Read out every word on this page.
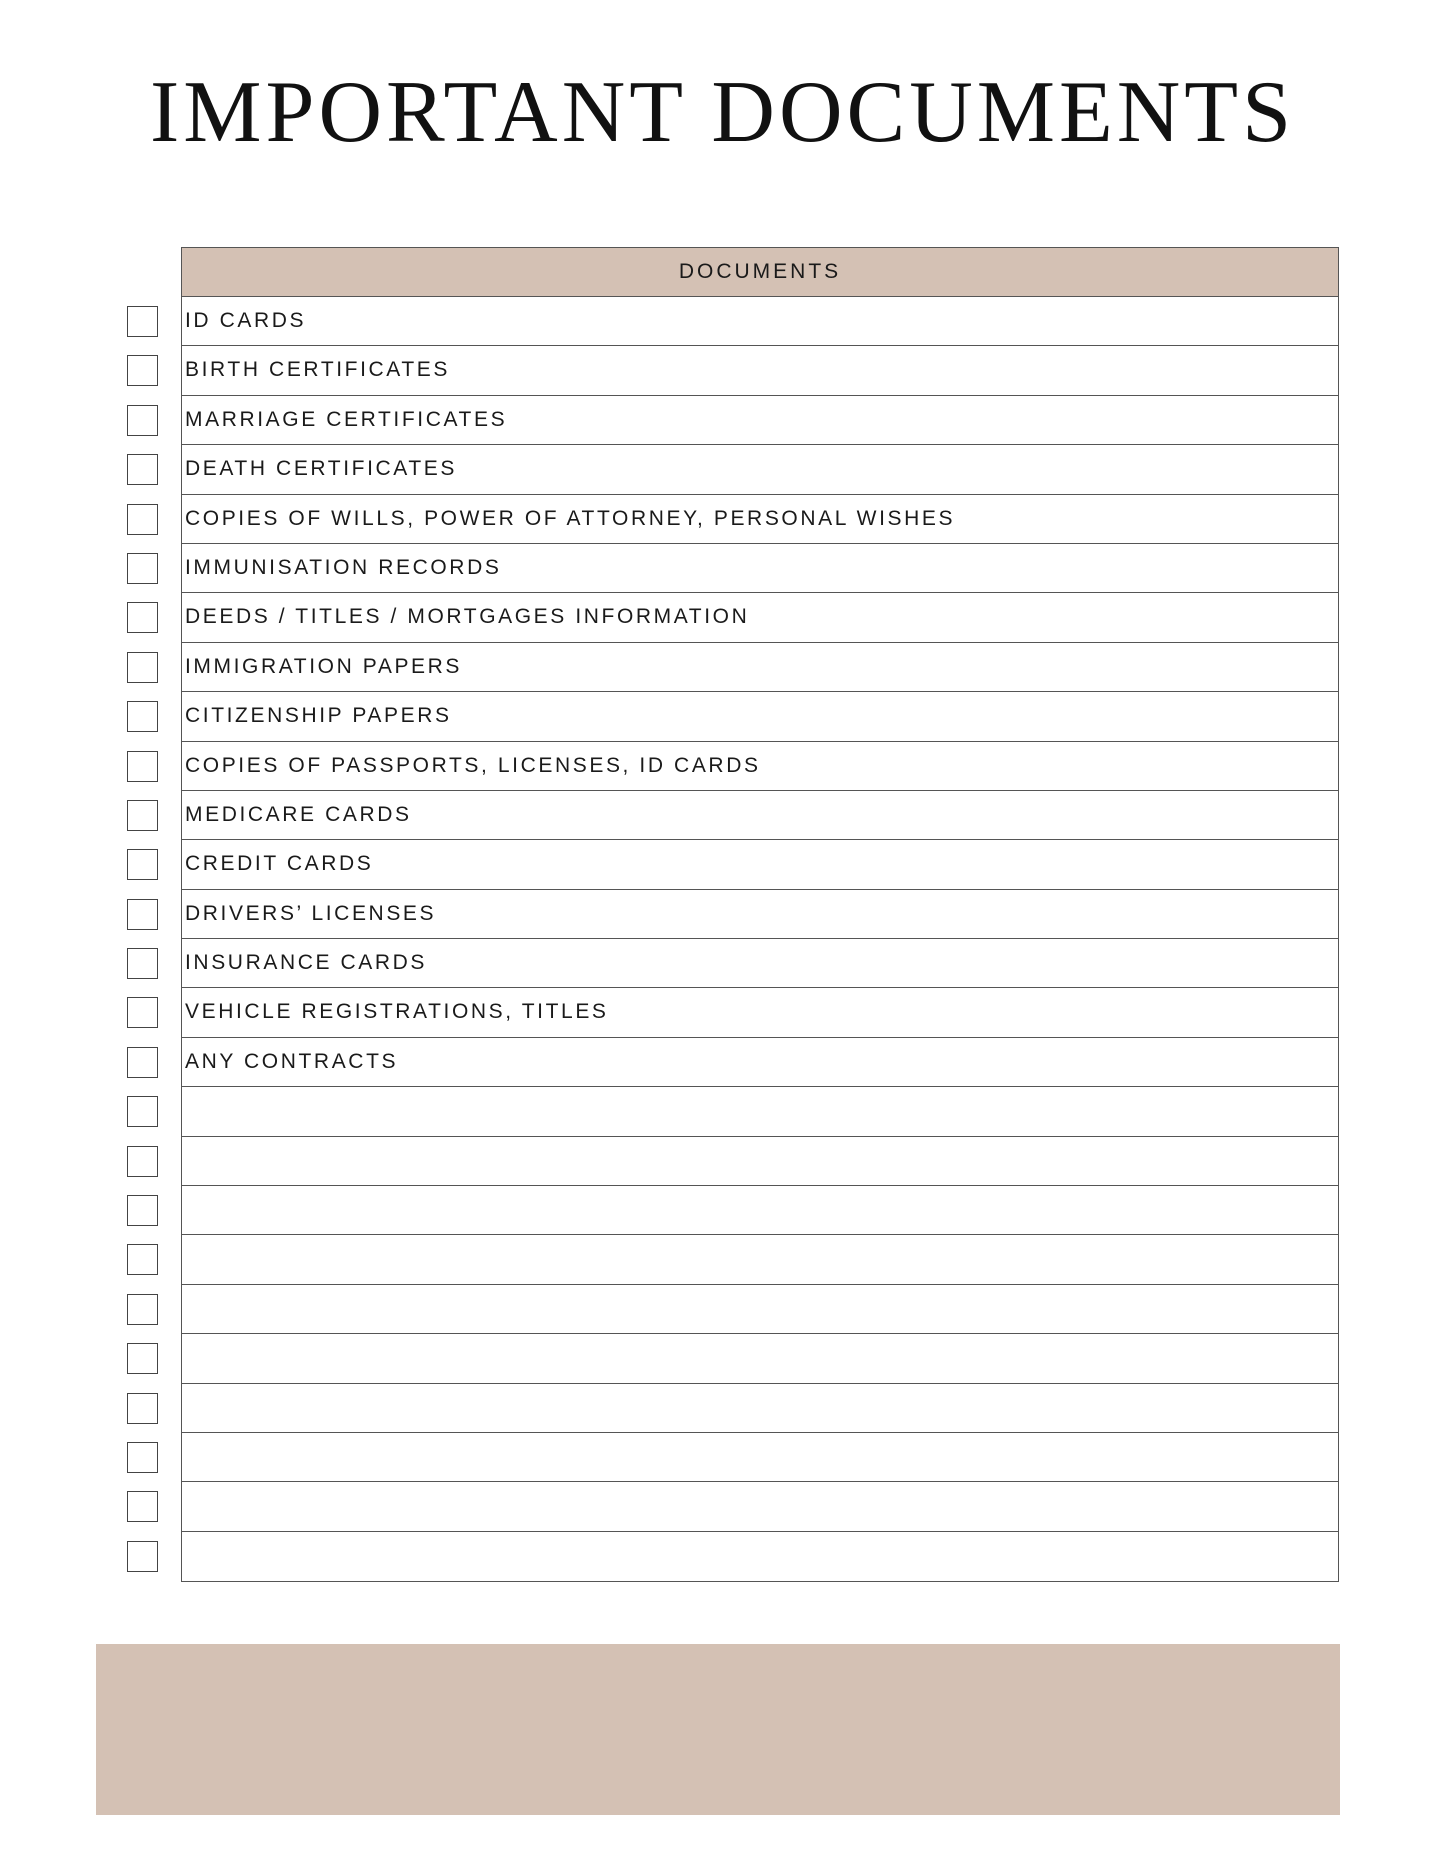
IMPORTANT DOCUMENTS
DOCUMENTS
ID CARDS
BIRTH CERTIFICATES
MARRIAGE CERTIFICATES
DEATH CERTIFICATES
COPIES OF WILLS, POWER OF ATTORNEY, PERSONAL WISHES
IMMUNISATION RECORDS
DEEDS / TITLES / MORTGAGES INFORMATION
IMMIGRATION PAPERS
CITIZENSHIP PAPERS
COPIES OF PASSPORTS, LICENSES, ID CARDS
MEDICARE CARDS
CREDIT CARDS
DRIVERS’ LICENSES
INSURANCE CARDS
VEHICLE REGISTRATIONS, TITLES
ANY CONTRACTS
